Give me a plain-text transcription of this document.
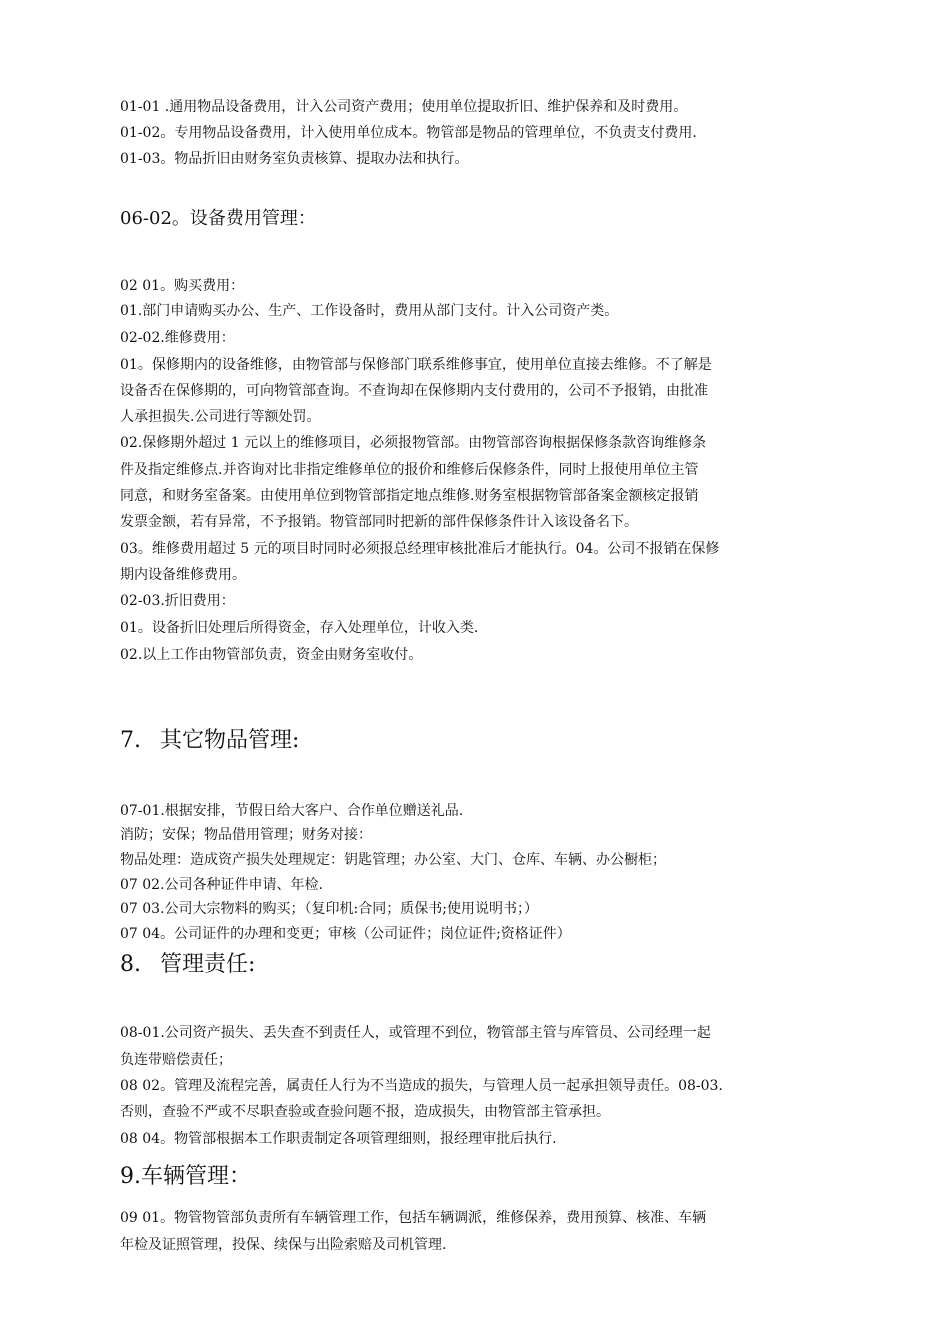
01-01 .通用物品设备费用，计入公司资产费用；使用单位提取折旧、维护保养和及时费用。
01-02。专用物品设备费用，计入使用单位成本。物管部是物品的管理单位，不负责支付费用.
01-03。物品折旧由财务室负责核算、提取办法和执行。
06-02。设备费用管理：
02 01。购买费用：
01.部门申请购买办公、生产、工作设备时，费用从部门支付。计入公司资产类。
02-02.维修费用：
01。保修期内的设备维修，由物管部与保修部门联系维修事宜，使用单位直接去维修。不了解是
设备否在保修期的，可向物管部查询。不查询却在保修期内支付费用的，公司不予报销，由批准
人承担损失.公司进行等额处罚。
02.保修期外超过 1 元以上的维修项目，必须报物管部。由物管部咨询根据保修条款咨询维修条
件及指定维修点.并咨询对比非指定维修单位的报价和维修后保修条件，同时上报使用单位主管
同意，和财务室备案。由使用单位到物管部指定地点维修.财务室根据物管部备案金额核定报销
发票金额，若有异常，不予报销。物管部同时把新的部件保修条件计入该设备名下。
03。维修费用超过 5 元的项目时同时必须报总经理审核批准后才能执行。04。公司不报销在保修
期内设备维修费用。
02-03.折旧费用：
01。设备折旧处理后所得资金，存入处理单位，计收入类.
02.以上工作由物管部负责，资金由财务室收付。
7. 其它物品管理:
07-01.根据安排，节假日给大客户、合作单位赠送礼品.
消防；安保；物品借用管理；财务对接：
物品处理：造成资产损失处理规定：钥匙管理；办公室、大门、仓库、车辆、办公橱柜；
07 02.公司各种证件申请、年检.
07 03.公司大宗物料的购买；（复印机:合同；质保书;使用说明书；）
07 04。公司证件的办理和变更；审核（公司证件；岗位证件;资格证件）
8. 管理责任:
08-01.公司资产损失、丢失查不到责任人，或管理不到位，物管部主管与库管员、公司经理一起
负连带赔偿责任；
08 02。管理及流程完善，属责任人行为不当造成的损失，与管理人员一起承担领导责任。08-03.
否则，查验不严或不尽职查验或查验问题不报，造成损失，由物管部主管承担。
08 04。物管部根据本工作职责制定各项管理细则，报经理审批后执行.
9.车辆管理：
09 01。物管物管部负责所有车辆管理工作，包括车辆调派，维修保养，费用预算、核准、车辆
年检及证照管理，投保、续保与出险索赔及司机管理.
